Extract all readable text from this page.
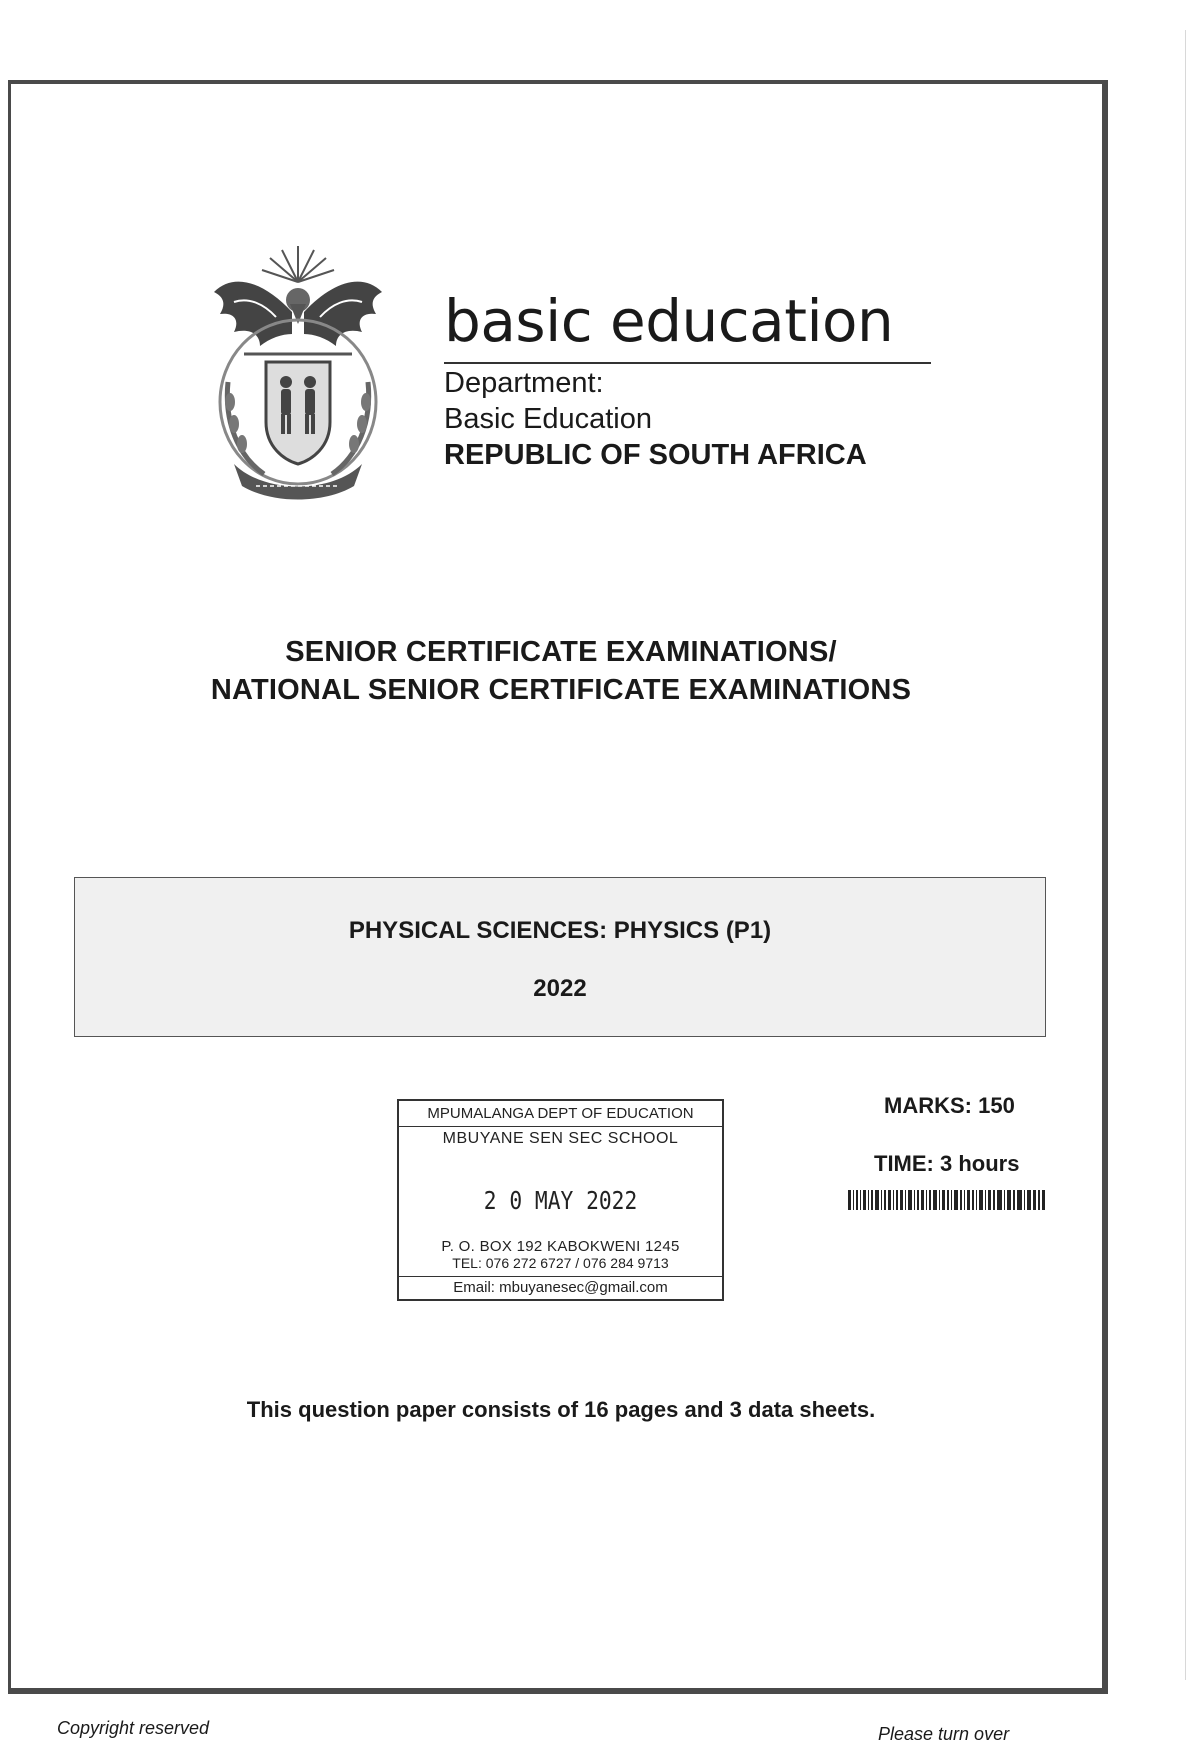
basic education
Department:
Basic Education
REPUBLIC OF SOUTH AFRICA
SENIOR CERTIFICATE EXAMINATIONS/
NATIONAL SENIOR CERTIFICATE EXAMINATIONS
PHYSICAL SCIENCES: PHYSICS (P1)
2022
MPUMALANGA DEPT OF EDUCATION
MBUYANE SEN SEC SCHOOL
2 0 MAY 2022
P. O. BOX 192 KABOKWENI 1245
TEL: 076 272 6727 / 076 284 9713
Email: mbuyanesec@gmail.com
MARKS: 150
TIME: 3 hours
This question paper consists of 16 pages and 3 data sheets.
Copyright reserved	Please turn over
